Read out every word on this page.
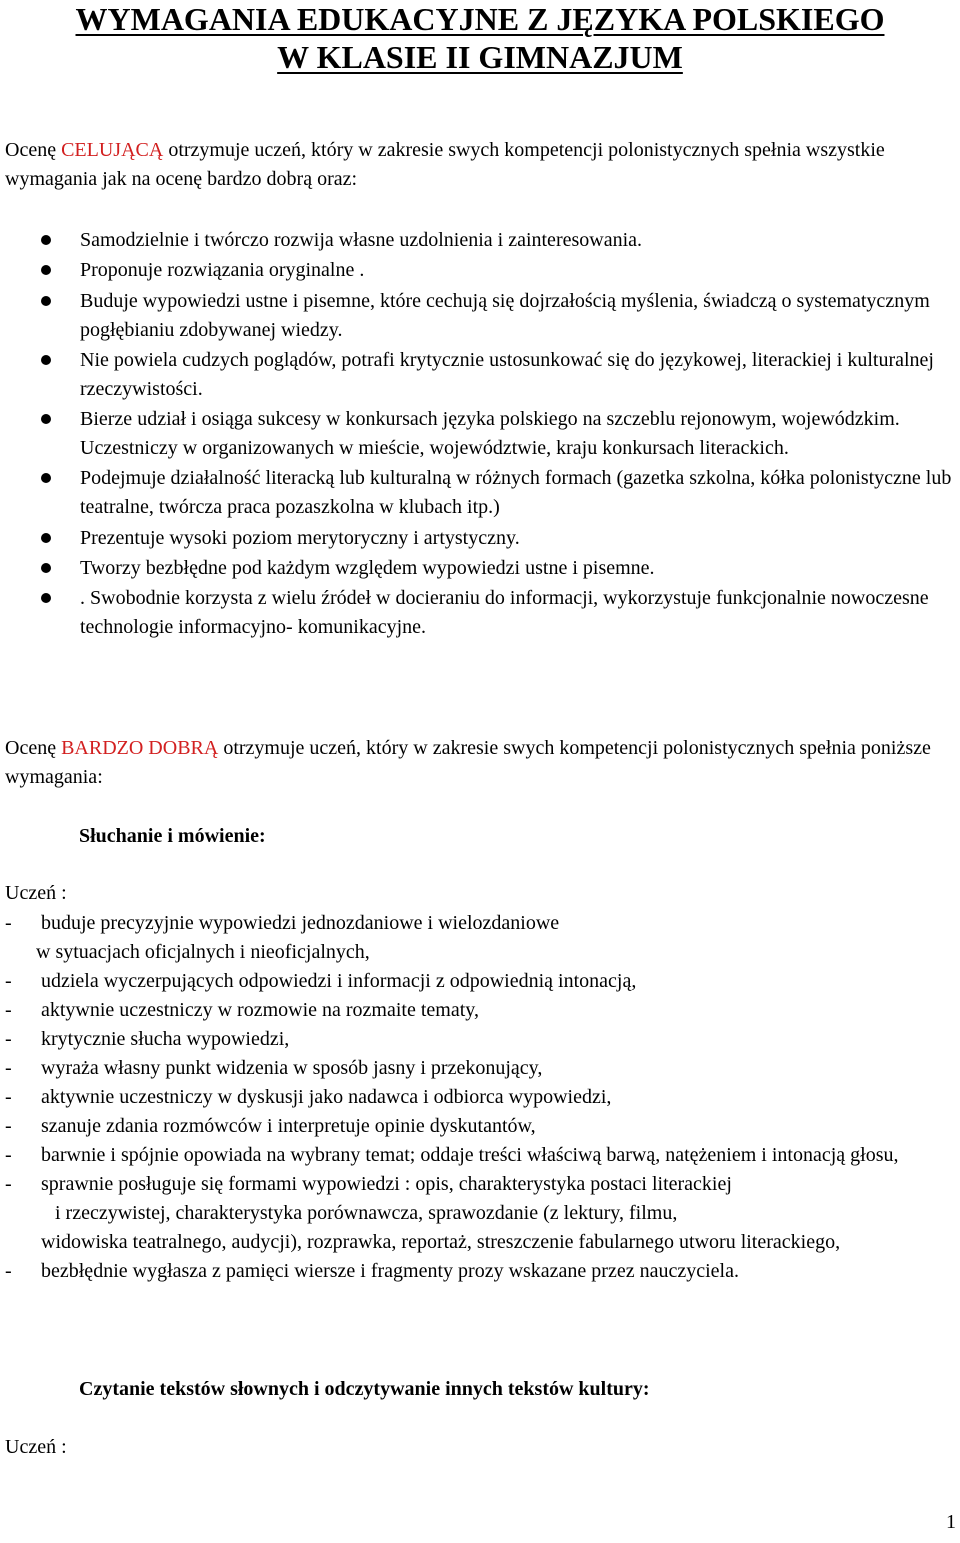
WYMAGANIA EDUKACYJNE Z JĘZYKA POLSKIEGO
W KLASIE II GIMNAZJUM

Ocenę CELUJĄCĄ otrzymuje uczeń, który w zakresie swych kompetencji polonistycznych spełnia wszystkie wymagania jak na ocenę bardzo dobrą oraz:

Samodzielnie i twórczo rozwija własne uzdolnienia i zainteresowania.
Proponuje rozwiązania oryginalne .
Buduje wypowiedzi ustne i pisemne, które cechują się dojrzałością myślenia, świadczą o systematycznym pogłębianiu zdobywanej wiedzy.
Nie powiela cudzych poglądów, potrafi krytycznie ustosunkować się do językowej, literackiej i kulturalnej rzeczywistości.
Bierze udział i osiąga sukcesy w konkursach języka polskiego na szczeblu rejonowym, wojewódzkim. Uczestniczy w organizowanych w mieście, województwie, kraju konkursach literackich.
Podejmuje działalność literacką lub kulturalną w różnych formach (gazetka szkolna, kółka polonistyczne lub teatralne, twórcza praca pozaszkolna w klubach itp.)
Prezentuje wysoki poziom merytoryczny i artystyczny.
Tworzy bezbłędne pod każdym względem wypowiedzi ustne i pisemne.
. Swobodnie korzysta z wielu źródeł w docieraniu do informacji, wykorzystuje funkcjonalnie nowoczesne technologie informacyjno- komunikacyjne.

Ocenę BARDZO DOBRĄ otrzymuje uczeń, który w zakresie swych kompetencji polonistycznych spełnia poniższe wymagania:

Słuchanie i mówienie:

Uczeń :

- buduje precyzyjnie wypowiedzi jednozdaniowe i wielozdaniowe
w sytuacjach oficjalnych i nieoficjalnych,
- udziela wyczerpujących odpowiedzi i informacji z odpowiednią intonacją,
- aktywnie uczestniczy w rozmowie na rozmaite tematy,
- krytycznie słucha wypowiedzi,
- wyraża własny punkt widzenia w sposób jasny i przekonujący,
- aktywnie uczestniczy w dyskusji jako nadawca i odbiorca wypowiedzi,
- szanuje zdania rozmówców i interpretuje opinie dyskutantów,
- barwnie i spójnie opowiada na wybrany temat; oddaje treści właściwą barwą, natężeniem i intonacją głosu,
- sprawnie posługuje się formami wypowiedzi : opis, charakterystyka postaci literackiej
i rzeczywistej, charakterystyka porównawcza, sprawozdanie (z lektury, filmu,
widowiska teatralnego, audycji), rozprawka, reportaż, streszczenie fabularnego utworu literackiego,
- bezbłędnie wygłasza z pamięci wiersze i fragmenty prozy wskazane przez nauczyciela.

Czytanie tekstów słownych i odczytywanie innych tekstów kultury:

Uczeń :

1
